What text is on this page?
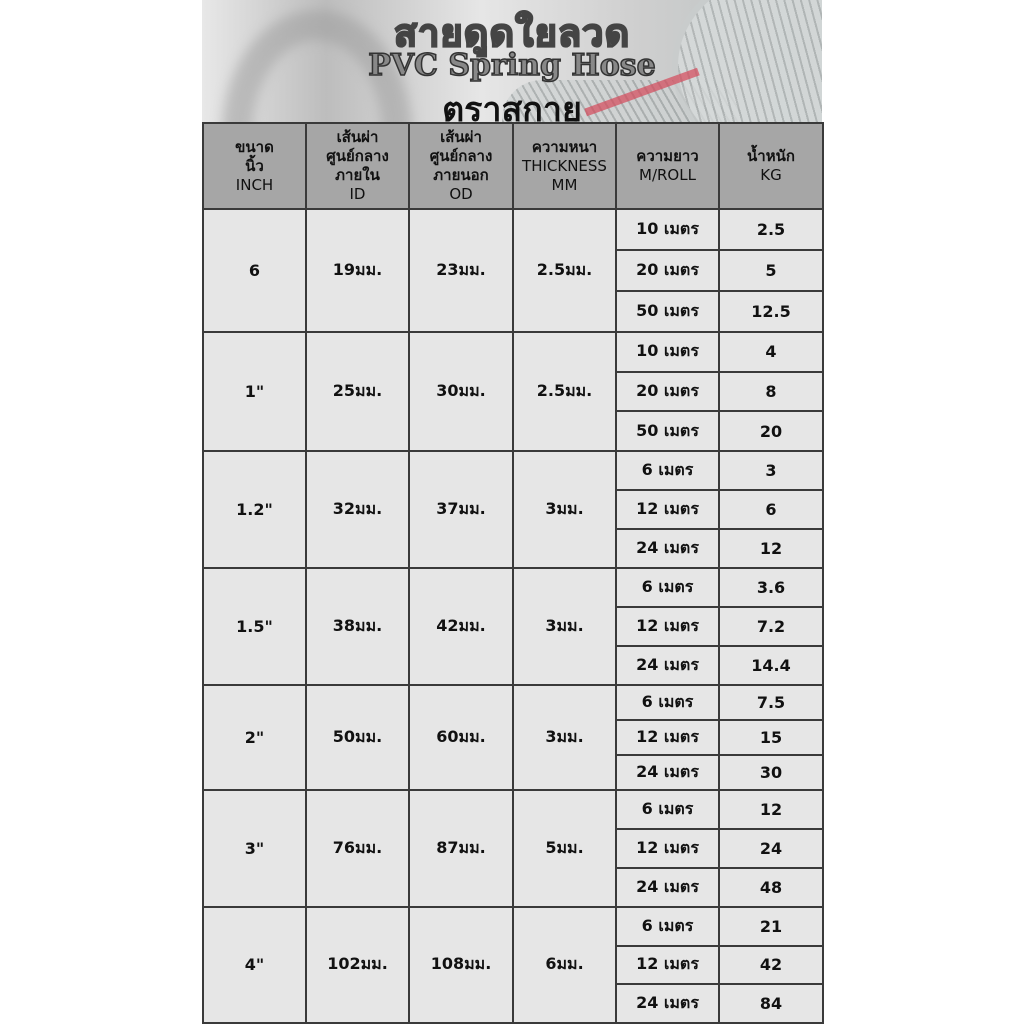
สายดูดใยลวด
PVC Spring Hose
ตราสกาย
ขนาด
นิ้ว
INCH	เส้นผ่า
ศูนย์กลาง
ภายใน
ID	เส้นผ่า
ศูนย์กลาง
ภายนอก
OD	ความหนา
THICKNESS MM	ความยาว
M/ROLL	น้ำหนัก
KG
6	19มม.	23มม.	2.5มม.	10 เมตร	2.5
				20 เมตร	5
				50 เมตร	12.5
1"	25มม.	30มม.	2.5มม.	10 เมตร	4
				20 เมตร	8
				50 เมตร	20
1.2"	32มม.	37มม.	3มม.	6 เมตร	3
				12 เมตร	6
				24 เมตร	12
1.5"	38มม.	42มม.	3มม.	6 เมตร	3.6
				12 เมตร	7.2
				24 เมตร	14.4
2"	50มม.	60มม.	3มม.	6 เมตร	7.5
				12 เมตร	15
				24 เมตร	30
3"	76มม.	87มม.	5มม.	6 เมตร	12
				12 เมตร	24
				24 เมตร	48
4"	102มม.	108มม.	6มม.	6 เมตร	21
				12 เมตร	42
				24 เมตร	84
